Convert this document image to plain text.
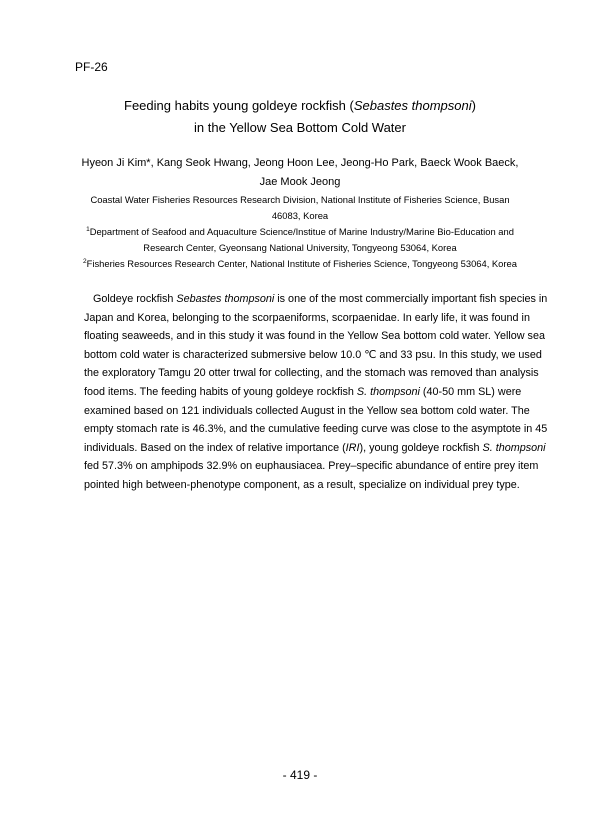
PF-26
Feeding habits young goldeye rockfish (Sebastes thompsoni)
in the Yellow Sea Bottom Cold Water
Hyeon Ji Kim*, Kang Seok Hwang, Jeong Hoon Lee, Jeong-Ho Park, Baeck Wook Baeck,
Jae Mook Jeong
Coastal Water Fisheries Resources Research Division, National Institute of Fisheries Science, Busan
46083, Korea
$^1$Department of Seafood and Aquaculture Science/Institue of Marine Industry/Marine Bio-Education and
Research Center, Gyeonsang National University, Tongyeong 53064, Korea
$^2$Fisheries Resources Research Center, National Institute of Fisheries Science, Tongyeong 53064, Korea
Goldeye rockfish Sebastes thompsoni is one of the most commercially important fish species in
Japan and Korea, belonging to the scorpaeniforms, scorpaenidae. In early life, it was found in
floating seaweeds, and in this study it was found in the Yellow Sea bottom cold water. Yellow sea
bottom cold water is characterized submersive below 10.0 ℃ and 33 psu. In this study, we used
the exploratory Tamgu 20 otter trwal for collecting, and the stomach was removed than analysis
food items. The feeding habits of young goldeye rockfish S. thompsoni (40-50 mm SL) were
examined based on 121 individuals collected August in the Yellow sea bottom cold water. The
empty stomach rate is 46.3%, and the cumulative feeding curve was close to the asymptote in 45
individuals. Based on the index of relative importance (IRI), young goldeye rockfish S. thompsoni
fed 57.3% on amphipods 32.9% on euphausiacea. Prey–specific abundance of entire prey item
pointed high between-phenotype component, as a result, specialize on individual prey type.
- 419 -
